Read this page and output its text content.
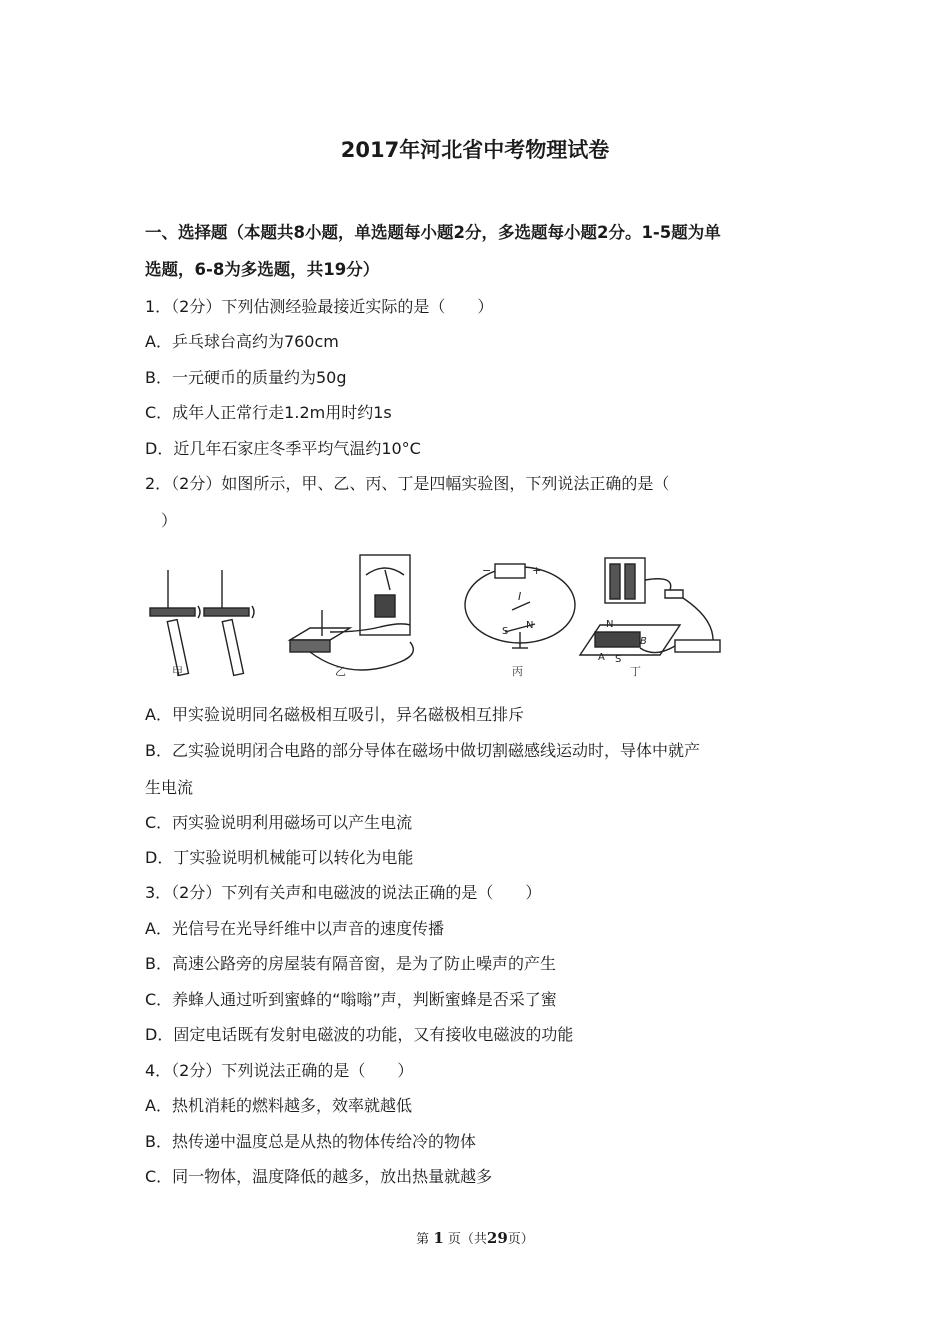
2017年河北省中考物理试卷
一、选择题（本题共8小题，单选题每小题2分，多选题每小题2分。1-5题为单
选题，6-8为多选题，共19分）
1．（2分）下列估测经验最接近实际的是（　　）
A．乒乓球台高约为760cm
B．一元硬币的质量约为50g
C．成年人正常行走1.2m用时约1s
D．近几年石家庄冬季平均气温约10°C
2．（2分）如图所示，甲、乙、丙、丁是四幅实验图，下列说法正确的是（
　）
甲	乙
−	+
I
S
N
丙
N
B
A S
丁
A．甲实验说明同名磁极相互吸引，异名磁极相互排斥
B．乙实验说明闭合电路的部分导体在磁场中做切割磁感线运动时，导体中就产
生电流
C．丙实验说明利用磁场可以产生电流
D．丁实验说明机械能可以转化为电能
3．（2分）下列有关声和电磁波的说法正确的是（　　）
A．光信号在光导纤维中以声音的速度传播
B．高速公路旁的房屋装有隔音窗，是为了防止噪声的产生
C．养蜂人通过听到蜜蜂的“嗡嗡”声，判断蜜蜂是否采了蜜
D．固定电话既有发射电磁波的功能，又有接收电磁波的功能
4．（2分）下列说法正确的是（　　）
A．热机消耗的燃料越多，效率就越低
B．热传递中温度总是从热的物体传给冷的物体
C．同一物体，温度降低的越多，放出热量就越多
第 1 页（共29页）
